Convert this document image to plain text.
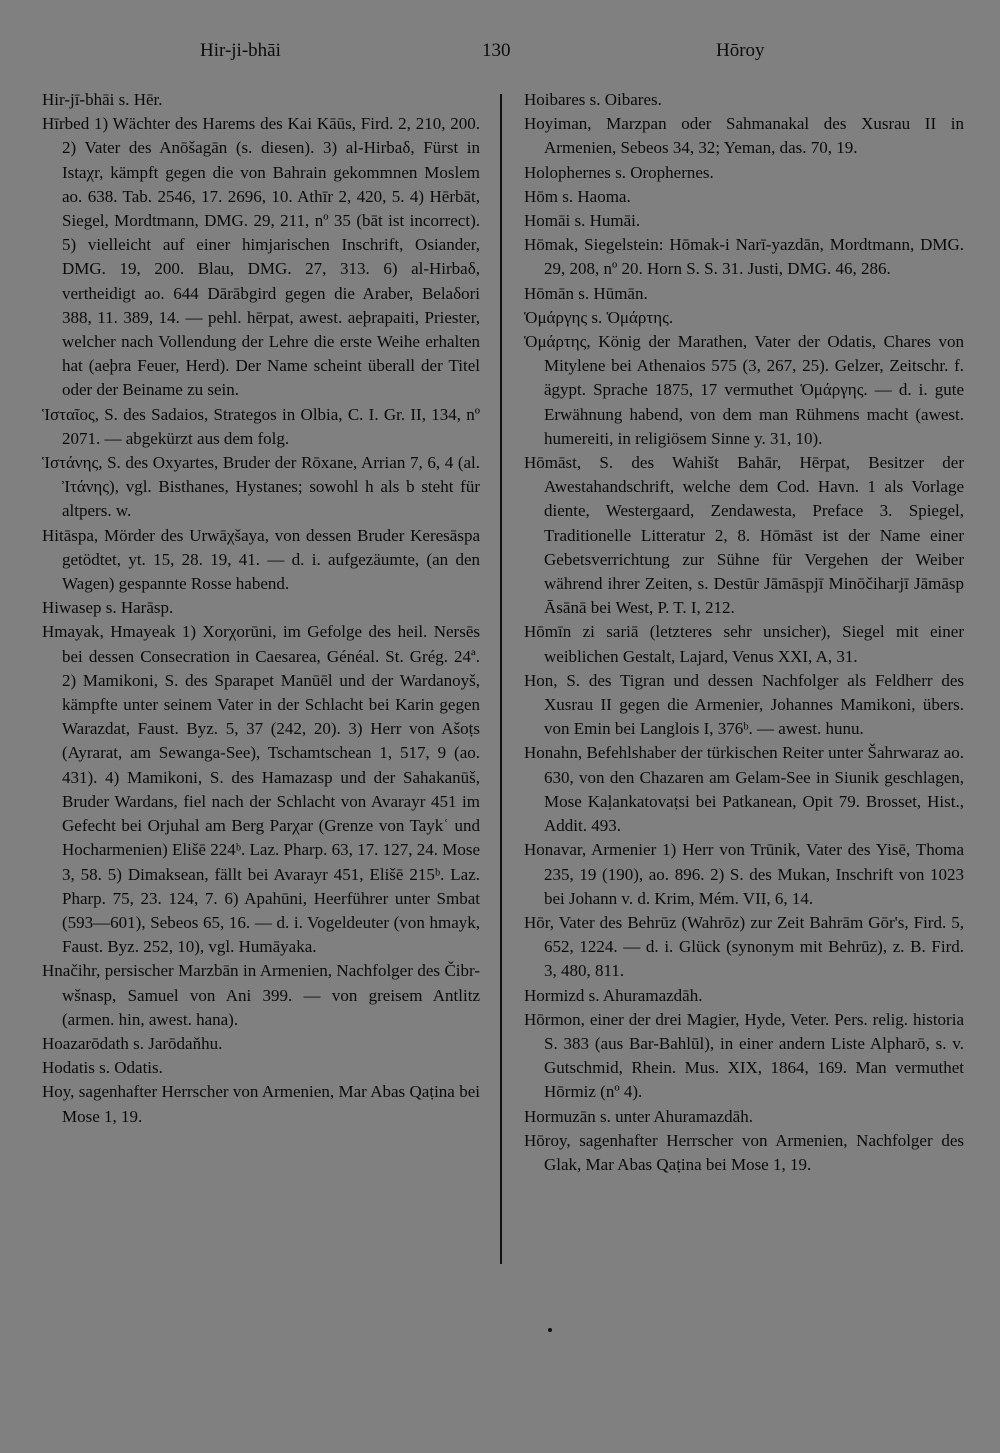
Hir-ji-bhāi	130	Hōroy

Hir-jī-bhāi s. Hēr.

Hīrbed 1) Wächter des Harems des Kai Kāūs, Fird. 2, 210, 200. 2) Vater des Anōšagān (s. diesen). 3) al-Hirbaδ, Fürst in Istaχr, kämpft gegen die von Bahrain gekommnen Moslem ao. 638. Tab. 2546, 17. 2696, 10. Athīr 2, 420, 5. 4) Hērbāt, Siegel, Mordtmann, DMG. 29, 211, nº 35 (bāt ist incorrect). 5) vielleicht auf einer himjarischen Inschrift, Osiander, DMG. 19, 200. Blau, DMG. 27, 313. 6) al-Hirbaδ, vertheidigt ao. 644 Dārābgird gegen die Araber, Belaδori 388, 11. 389, 14. — pehl. hērpat, awest. aeþrapaiti, Priester, welcher nach Vollendung der Lehre die erste Weihe erhalten hat (aeþra Feuer, Herd). Der Name scheint überall der Titel oder der Beiname zu sein.

Ἱσταῖος, S. des Sadaios, Strategos in Olbia, C. I. Gr. II, 134, nº 2071. — abgekürzt aus dem folg.

Ἱστάνης, S. des Oxyartes, Bruder der Rōxane, Arrian 7, 6, 4 (al. Ἰτάνης), vgl. Bisthanes, Hystanes; sowohl h als b steht für altpers. w.

Hitāspa, Mörder des Urwāχšaya, von dessen Bruder Keresāspa getödtet, yt. 15, 28. 19, 41. — d. i. aufgezäumte, (an den Wagen) gespannte Rosse habend.

Hiwasep s. Harāsp.

Hmayak, Hmayeak 1) Xorχorūni, im Gefolge des heil. Nersēs bei dessen Consecration in Caesarea, Généal. St. Grég. 24ª. 2) Mamikoni, S. des Sparapet Manūēl und der Wardanoyš, kämpfte unter seinem Vater in der Schlacht bei Karin gegen Warazdat, Faust. Byz. 5, 37 (242, 20). 3) Herr von Ašoṭs (Ayrarat, am Sewanga-See), Tschamtschean 1, 517, 9 (ao. 431). 4) Mamikoni, S. des Hamazasp und der Sahakanūš, Bruder Wardans, fiel nach der Schlacht von Avarayr 451 im Gefecht bei Orjuhal am Berg Parχar (Grenze von Taykʿ und Hocharmenien) Elišē 224ᵇ. Laz. Pharp. 63, 17. 127, 24. Mose 3, 58. 5) Dimaksean, fällt bei Avarayr 451, Elišē 215ᵇ. Laz. Pharp. 75, 23. 124, 7. 6) Apahūni, Heerführer unter Smbat (593—601), Sebeos 65, 16. — d. i. Vogeldeuter (von hmayk, Faust. Byz. 252, 10), vgl. Humāyaka.

Hnačihr, persischer Marzbān in Armenien, Nachfolger des Čibr-wšnasp, Samuel von Ani 399. — von greisem Antlitz (armen. hin, awest. hana).

Hoazarōdath s. Jarōdaňhu.

Hodatis s. Odatis.

Hoy, sagenhafter Herrscher von Armenien, Mar Abas Qaṭina bei Mose 1, 19.

Hoibares s. Oibares.

Hoyiman, Marzpan oder Sahmanakal des Xusrau II in Armenien, Sebeos 34, 32; Yeman, das. 70, 19.

Holophernes s. Orophernes.

Hōm s. Haoma.

Homāi s. Humāi.

Hōmak, Siegelstein: Hōmak-i Narī-yazdān, Mordtmann, DMG. 29, 208, nº 20. Horn S. S. 31. Justi, DMG. 46, 286.

Hōmān s. Hūmān.

Ὁμάργης s. Ὁμάρτης.

Ὁμάρτης, König der Marathen, Vater der Odatis, Chares von Mitylene bei Athenaios 575 (3, 267, 25). Gelzer, Zeitschr. f. ägypt. Sprache 1875, 17 vermuthet Ὁμάργης. — d. i. gute Erwähnung habend, von dem man Rühmens macht (awest. humereiti, in religiösem Sinne y. 31, 10).

Hōmāst, S. des Wahišt Bahār, Hērpat, Besitzer der Awestahandschrift, welche dem Cod. Havn. 1 als Vorlage diente, Westergaard, Zendawesta, Preface 3. Spiegel, Traditionelle Litteratur 2, 8. Hōmāst ist der Name einer Gebetsverrichtung zur Sühne für Vergehen der Weiber während ihrer Zeiten, s. Destūr Jāmāspjī Minōčiharjī Jāmāsp Āsānā bei West, P. T. I, 212.

Hōmīn zi sariā (letzteres sehr unsicher), Siegel mit einer weiblichen Gestalt, Lajard, Venus XXI, A, 31.

Hon, S. des Tigran und dessen Nachfolger als Feldherr des Xusrau II gegen die Armenier, Johannes Mamikoni, übers. von Emin bei Langlois I, 376ᵇ. — awest. hunu.

Honahn, Befehlshaber der türkischen Reiter unter Šahrwaraz ao. 630, von den Chazaren am Gelam-See in Siunik geschlagen, Mose Kaḷankatovaṭsi bei Patkanean, Opit 79. Brosset, Hist., Addit. 493.

Honavar, Armenier 1) Herr von Trūnik, Vater des Yisē, Thoma 235, 19 (190), ao. 896. 2) S. des Mukan, Inschrift von 1023 bei Johann v. d. Krim, Mém. VII, 6, 14.

Hōr, Vater des Behrūz (Wahrōz) zur Zeit Bahrām Gōr's, Fird. 5, 652, 1224. — d. i. Glück (synonym mit Behrūz), z. B. Fird. 3, 480, 811.

Hormizd s. Ahuramazdāh.

Hōrmon, einer der drei Magier, Hyde, Veter. Pers. relig. historia S. 383 (aus Bar-Bahlūl), in einer andern Liste Alpharō, s. v. Gutschmid, Rhein. Mus. XIX, 1864, 169. Man vermuthet Hōrmiz (nº 4).

Hormuzān s. unter Ahuramazdāh.

Hōroy, sagenhafter Herrscher von Armenien, Nachfolger des Glak, Mar Abas Qaṭina bei Mose 1, 19.
